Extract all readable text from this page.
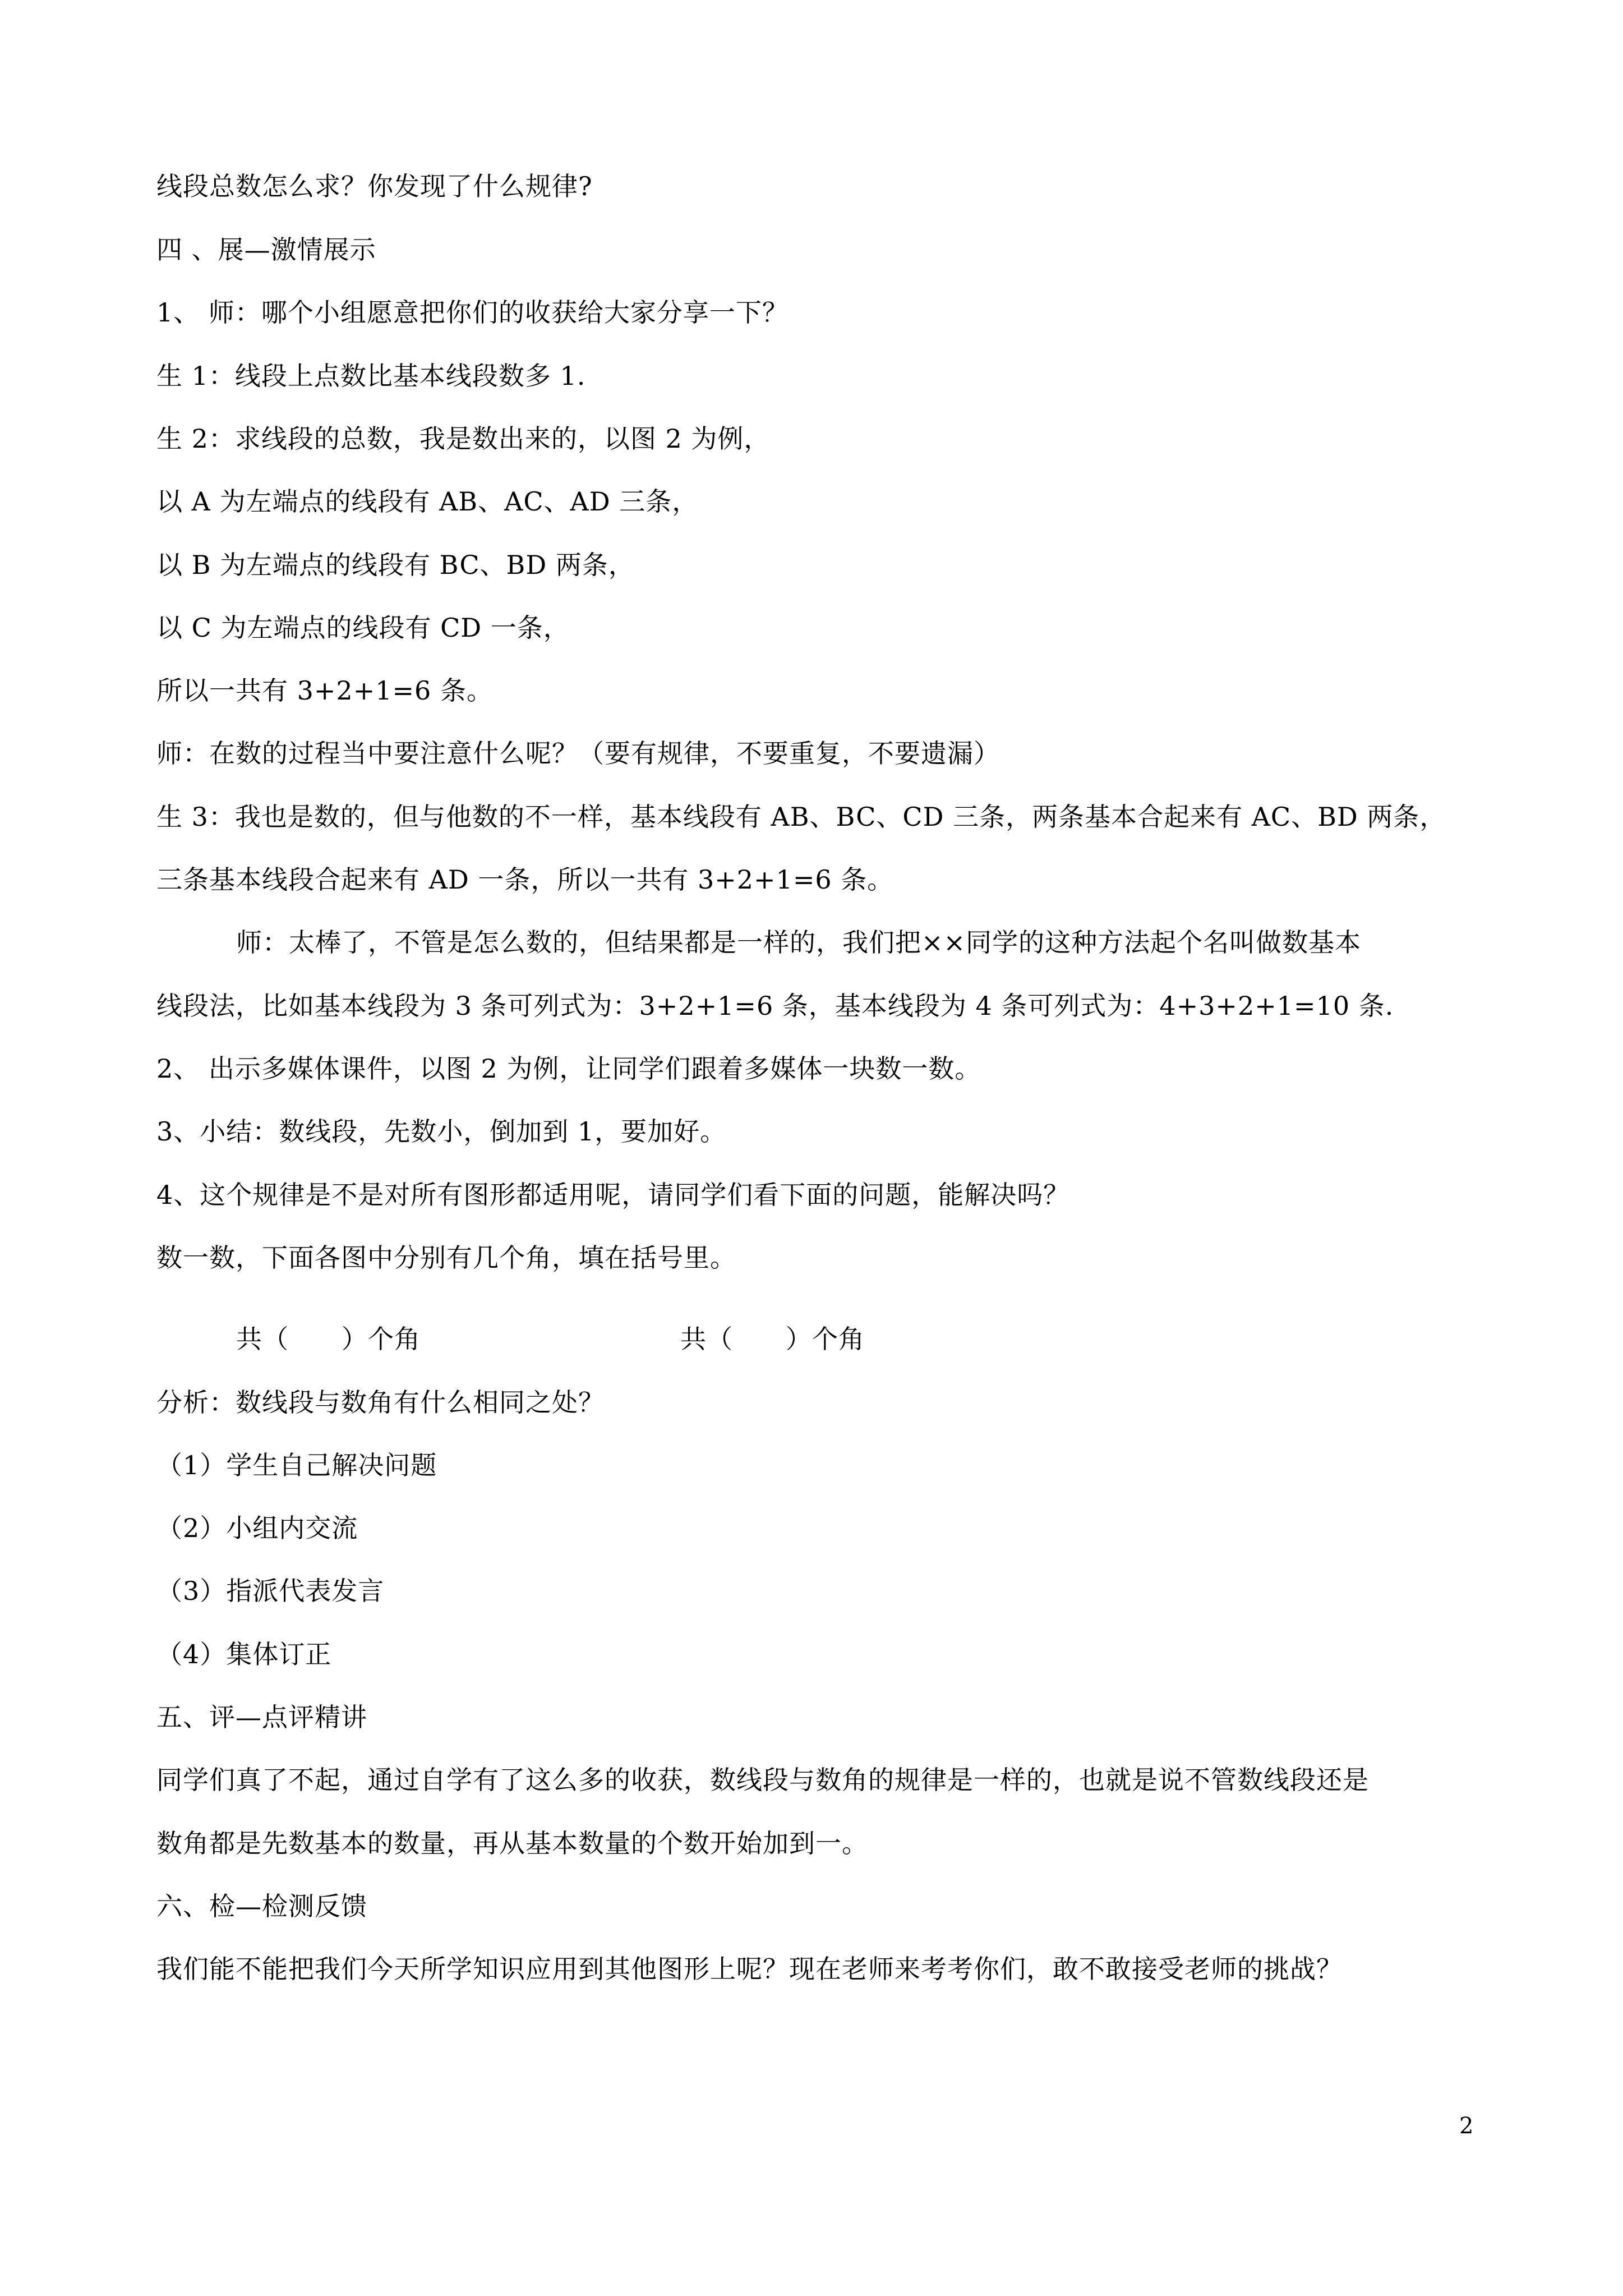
线段总数怎么求？你发现了什么规律?
四 、展—激情展示
1、 师：哪个小组愿意把你们的收获给大家分享一下？
生 1：线段上点数比基本线段数多 1.
生 2：求线段的总数，我是数出来的，以图 2 为例，
以 A 为左端点的线段有 AB、AC、AD 三条，
以 B 为左端点的线段有 BC、BD 两条，
以 C 为左端点的线段有 CD 一条，
所以一共有 3+2+1=6 条。
师：在数的过程当中要注意什么呢？（要有规律，不要重复，不要遗漏）
生 3：我也是数的，但与他数的不一样，基本线段有 AB、BC、CD 三条，两条基本合起来有 AC、BD 两条，
三条基本线段合起来有 AD 一条，所以一共有 3+2+1=6 条。
师：太棒了，不管是怎么数的，但结果都是一样的，我们把××同学的这种方法起个名叫做数基本
线段法，比如基本线段为 3 条可列式为：3+2+1=6 条，基本线段为 4 条可列式为：4+3+2+1=10 条.
2、 出示多媒体课件，以图 2 为例，让同学们跟着多媒体一块数一数。
3、小结：数线段，先数小，倒加到 1，要加好。
4、这个规律是不是对所有图形都适用呢，请同学们看下面的问题，能解决吗？
数一数，下面各图中分别有几个角，填在括号里。
共（　　）个角	共（　　）个角
分析：数线段与数角有什么相同之处？
（1）学生自己解决问题
（2）小组内交流
（3）指派代表发言
（4）集体订正
五、评—点评精讲
同学们真了不起，通过自学有了这么多的收获，数线段与数角的规律是一样的，也就是说不管数线段还是
数角都是先数基本的数量，再从基本数量的个数开始加到一。
六、检—检测反馈
我们能不能把我们今天所学知识应用到其他图形上呢？现在老师来考考你们，敢不敢接受老师的挑战？
2
